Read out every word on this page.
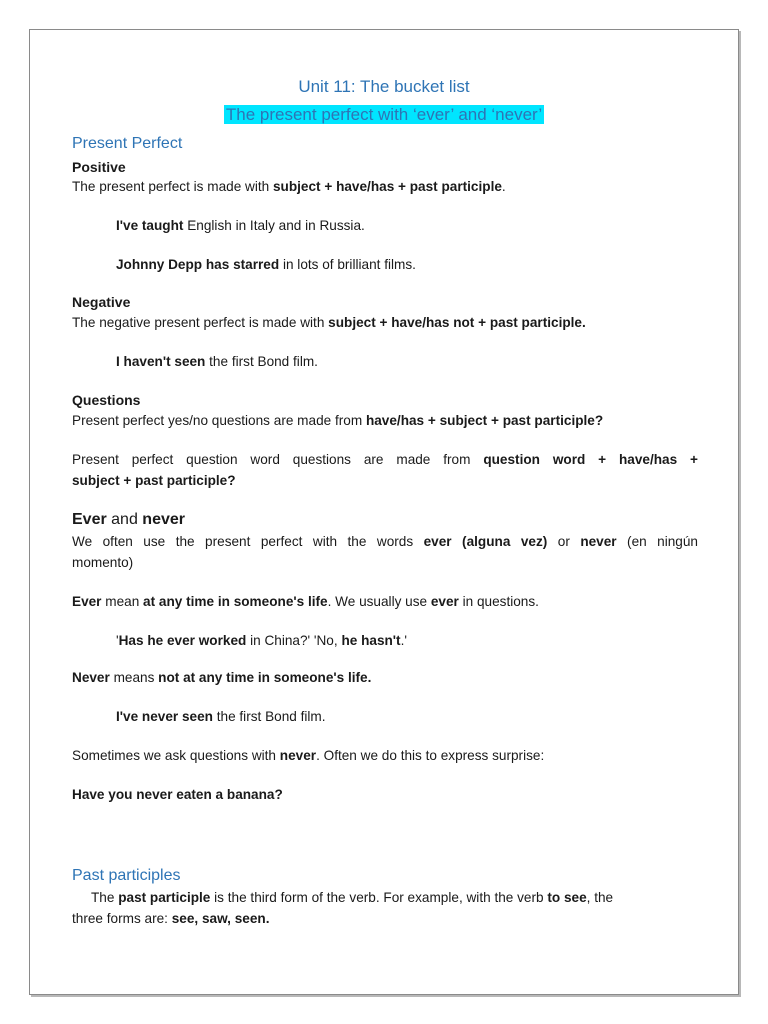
Unit 11: The bucket list
The present perfect with ‘ever’ and ‘never’
Present Perfect
Positive
The present perfect is made with subject + have/has + past participle.
I've taught English in Italy and in Russia.
Johnny Depp has starred in lots of brilliant films.
Negative
The negative present perfect is made with subject + have/has not + past participle.
I haven't seen the first Bond film.
Questions
Present perfect yes/no questions are made from have/has + subject + past participle?
Present perfect question word questions are made from question word + have/has +
subject + past participle?
Ever and never
We often use the present perfect with the words ever (alguna vez) or never (en ningún
momento)
Ever mean at any time in someone's life. We usually use ever in questions.
'Has he ever worked in China?' 'No, he hasn't.'
Never means not at any time in someone's life.
I've never seen the first Bond film.
Sometimes we ask questions with never. Often we do this to express surprise:
Have you never eaten a banana?
Past participles
The past participle is the third form of the verb. For example, with the verb to see, the
three forms are: see, saw, seen.
